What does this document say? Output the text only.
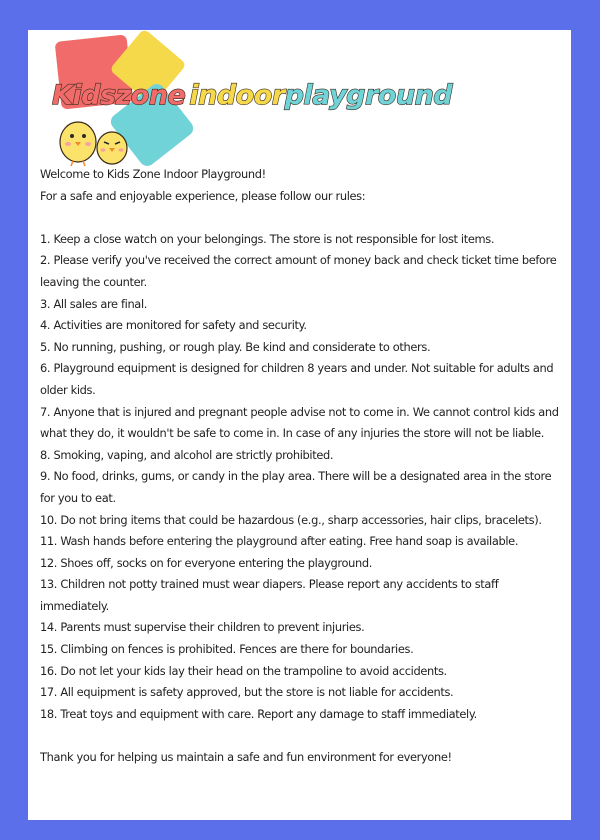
Kidszone indoorplayground

Welcome to Kids Zone Indoor Playground!

For a safe and enjoyable experience, please follow our rules:

1. Keep a close watch on your belongings. The store is not responsible for lost items.
2. Please verify you've received the correct amount of money back and check ticket time before leaving the counter.
3. All sales are final.
4. Activities are monitored for safety and security.
5. No running, pushing, or rough play. Be kind and considerate to others.
6. Playground equipment is designed for children 8 years and under. Not suitable for adults and older kids.
7. Anyone that is injured and pregnant people advise not to come in. We cannot control kids and what they do, it wouldn't be safe to come in. In case of any injuries the store will not be liable.
8. Smoking, vaping, and alcohol are strictly prohibited.
9. No food, drinks, gums, or candy in the play area. There will be a designated area in the store for you to eat.
10. Do not bring items that could be hazardous (e.g., sharp accessories, hair clips, bracelets).
11. Wash hands before entering the playground after eating. Free hand soap is available.
12. Shoes off, socks on for everyone entering the playground.
13. Children not potty trained must wear diapers. Please report any accidents to staff immediately.
14. Parents must supervise their children to prevent injuries.
15. Climbing on fences is prohibited. Fences are there for boundaries.
16. Do not let your kids lay their head on the trampoline to avoid accidents.
17. All equipment is safety approved, but the store is not liable for accidents.
18. Treat toys and equipment with care. Report any damage to staff immediately.

Thank you for helping us maintain a safe and fun environment for everyone!
